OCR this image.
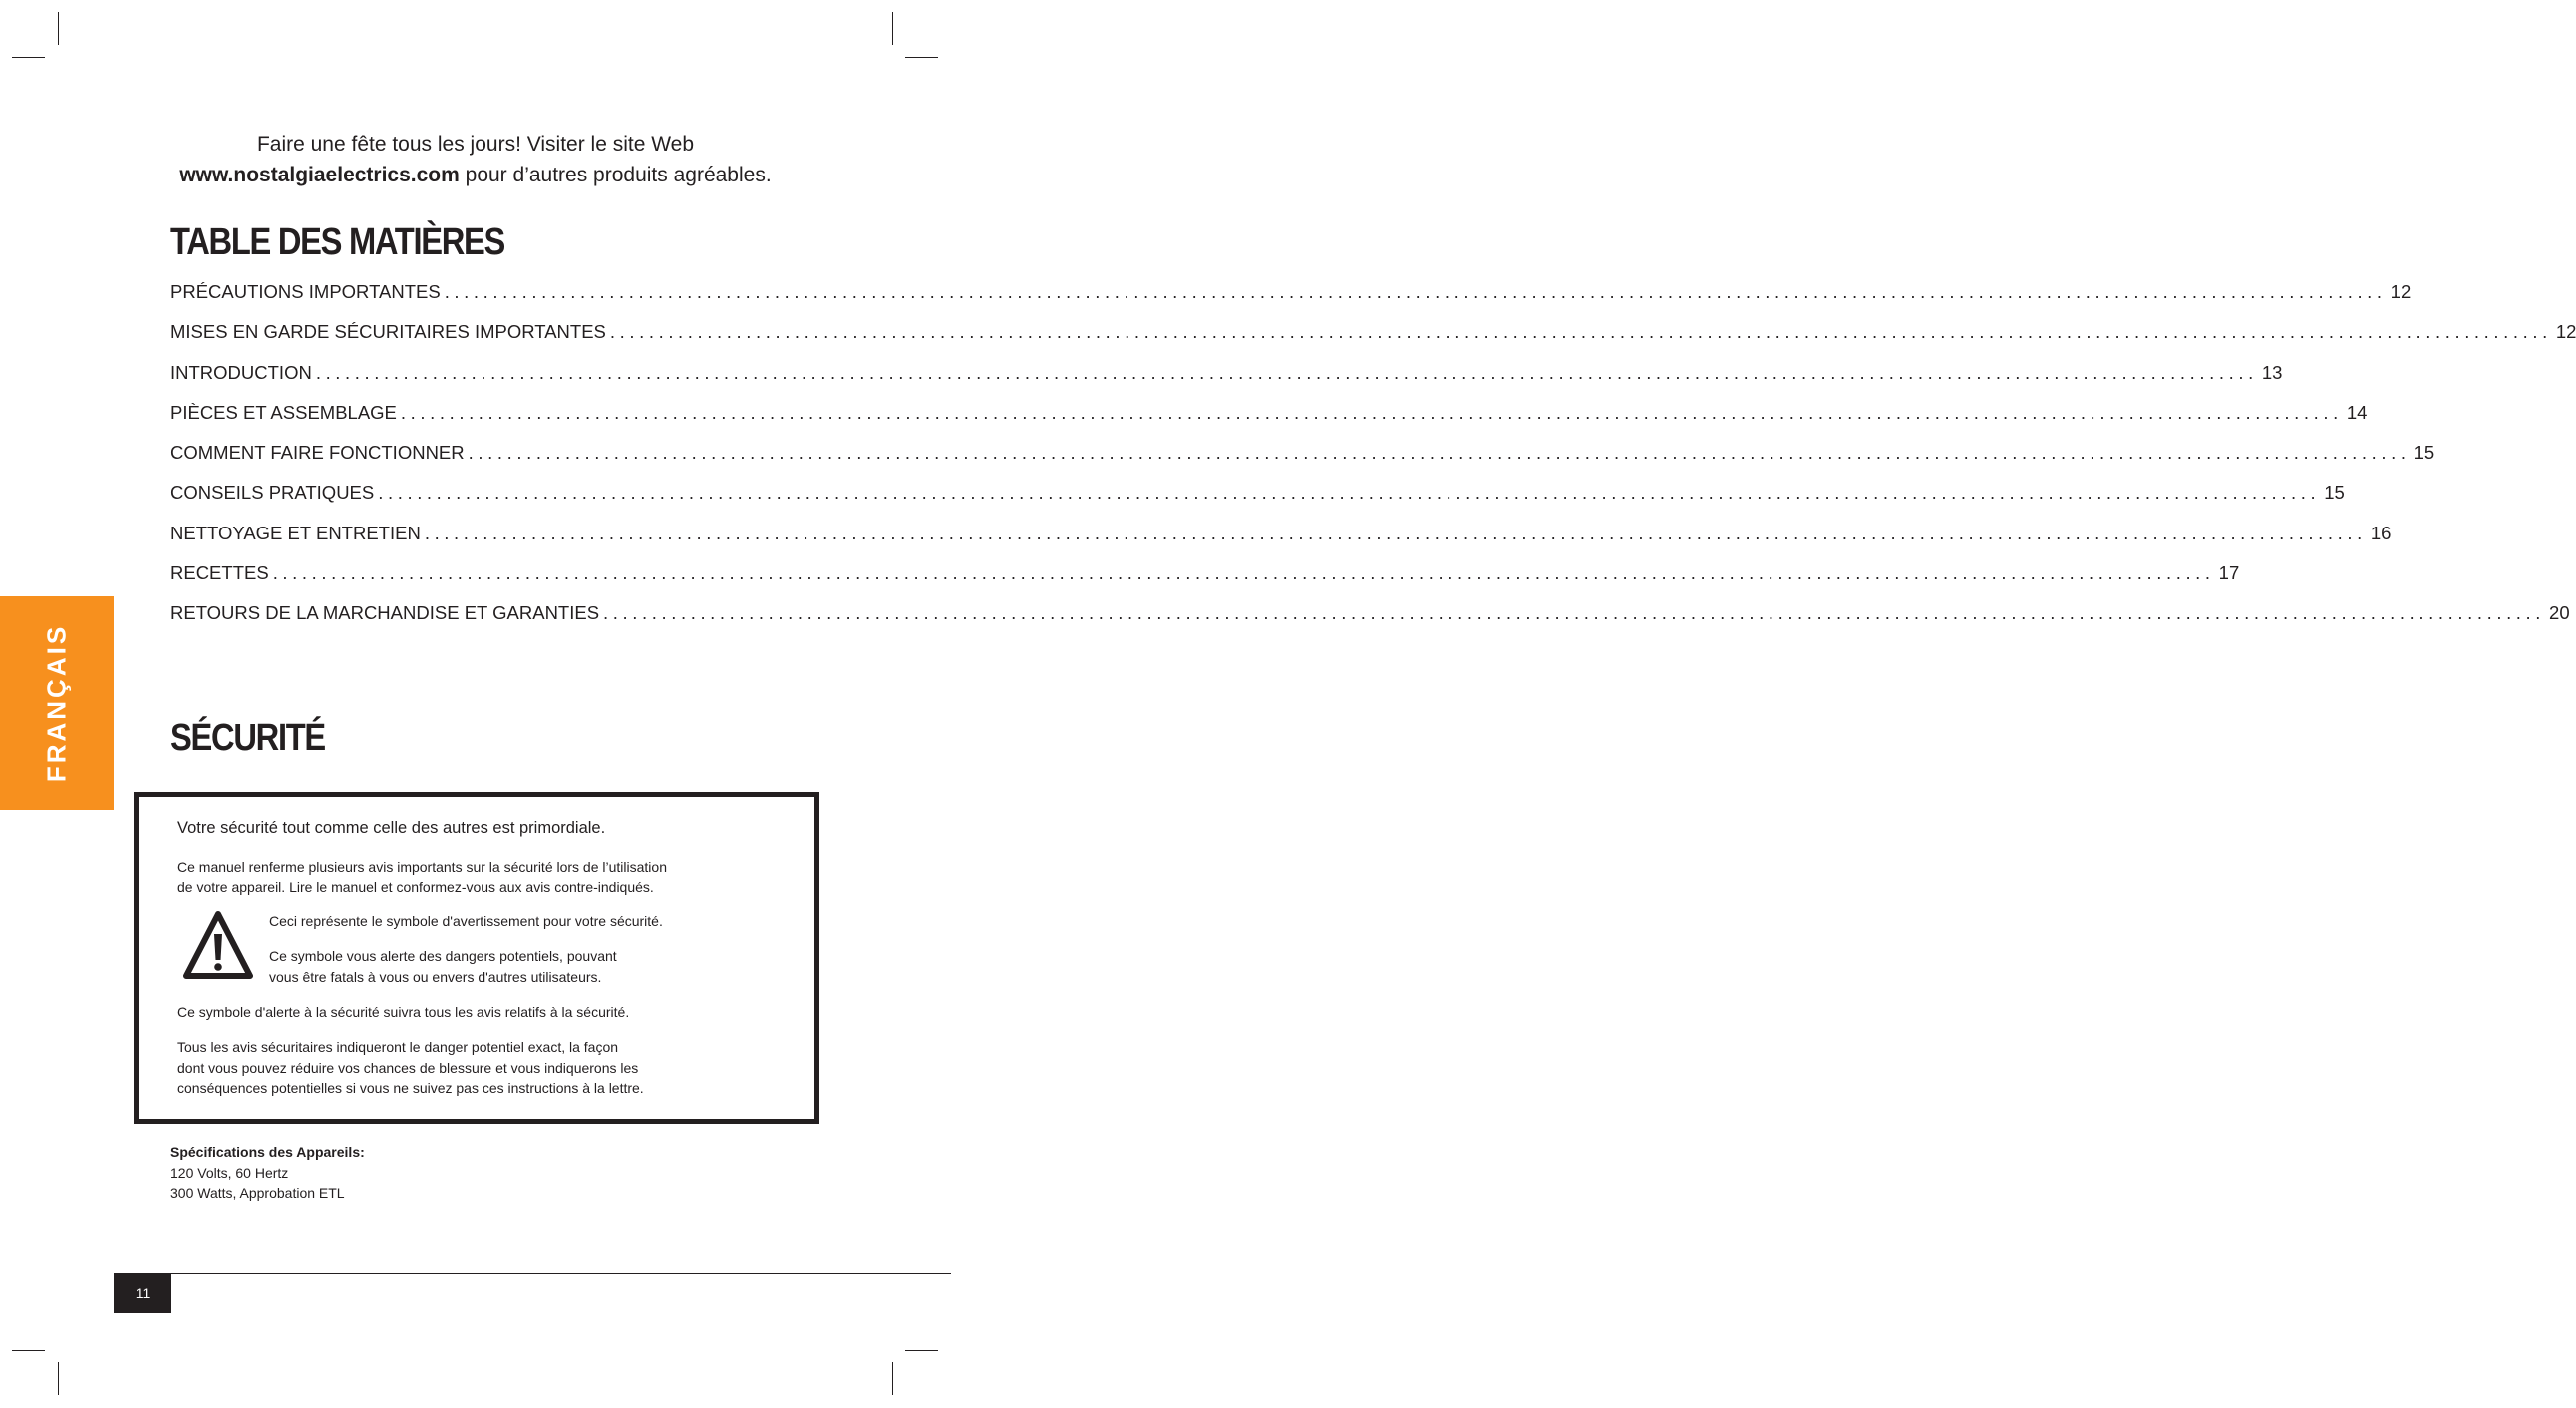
Faire une fête tous les jours! Visiter le site Web
www.nostalgiaelectrics.com pour d’autres produits agréables.
TABLE DES MATIÈRES
PRÉCAUTIONS IMPORTANTES ........................................................................................................................................................................................................ 12
MISES EN GARDE SÉCURITAIRES IMPORTANTES ........................................................................................................................................................................................................ 12
INTRODUCTION ........................................................................................................................................................................................................ 13
PIÈCES ET ASSEMBLAGE ........................................................................................................................................................................................................ 14
COMMENT FAIRE FONCTIONNER ........................................................................................................................................................................................................ 15
CONSEILS PRATIQUES ........................................................................................................................................................................................................ 15
NETTOYAGE ET ENTRETIEN ........................................................................................................................................................................................................ 16
RECETTES ........................................................................................................................................................................................................ 17
RETOURS DE LA MARCHANDISE ET GARANTIES ........................................................................................................................................................................................................ 20
SÉCURITÉ
FRANÇAIS
Votre sécurité tout comme celle des autres est primordiale.
Ce manuel renferme plusieurs avis importants sur la sécurité lors de l’utilisation
de votre appareil. Lire le manuel et conformez-vous aux avis contre-indiqués.
Ceci représente le symbole d'avertissement pour votre sécurité.
Ce symbole vous alerte des dangers potentiels, pouvant
vous être fatals à vous ou envers d'autres utilisateurs.
Ce symbole d'alerte à la sécurité suivra tous les avis relatifs à la sécurité.
Tous les avis sécuritaires indiqueront le danger potentiel exact, la façon
dont vous pouvez réduire vos chances de blessure et vous indiquerons les
conséquences potentielles si vous ne suivez pas ces instructions à la lettre.
Spécifications des Appareils:
120 Volts, 60 Hertz
300 Watts, Approbation ETL
11
